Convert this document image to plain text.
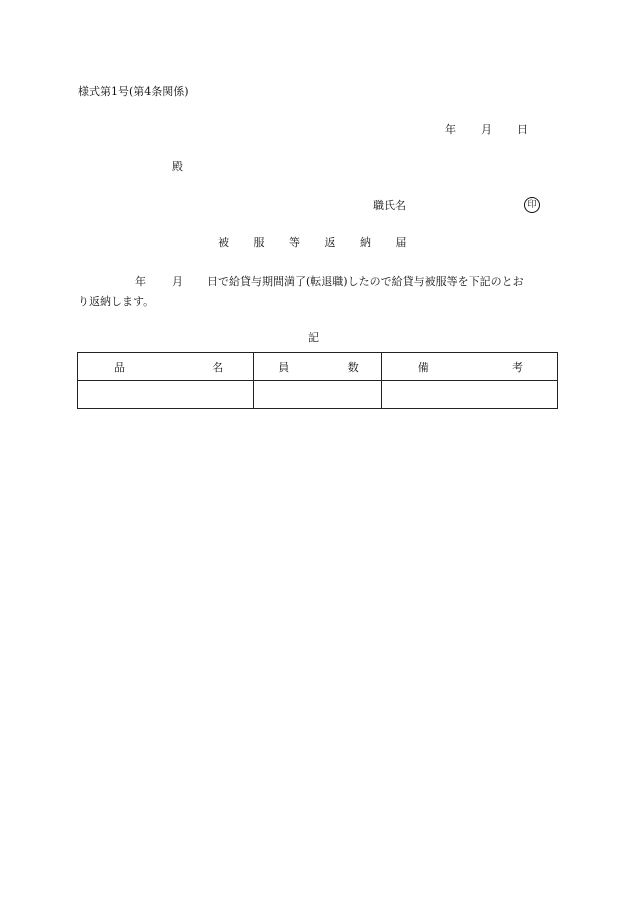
様式第1号(第4条関係)
年 月 日
殿
職氏名	印
被 服 等 返 納 届
年 月 日で給貸与期間満了(転退職)したので給貸与被服等を下記のとお
り返納します。
記
品 名	員 数	備 考
